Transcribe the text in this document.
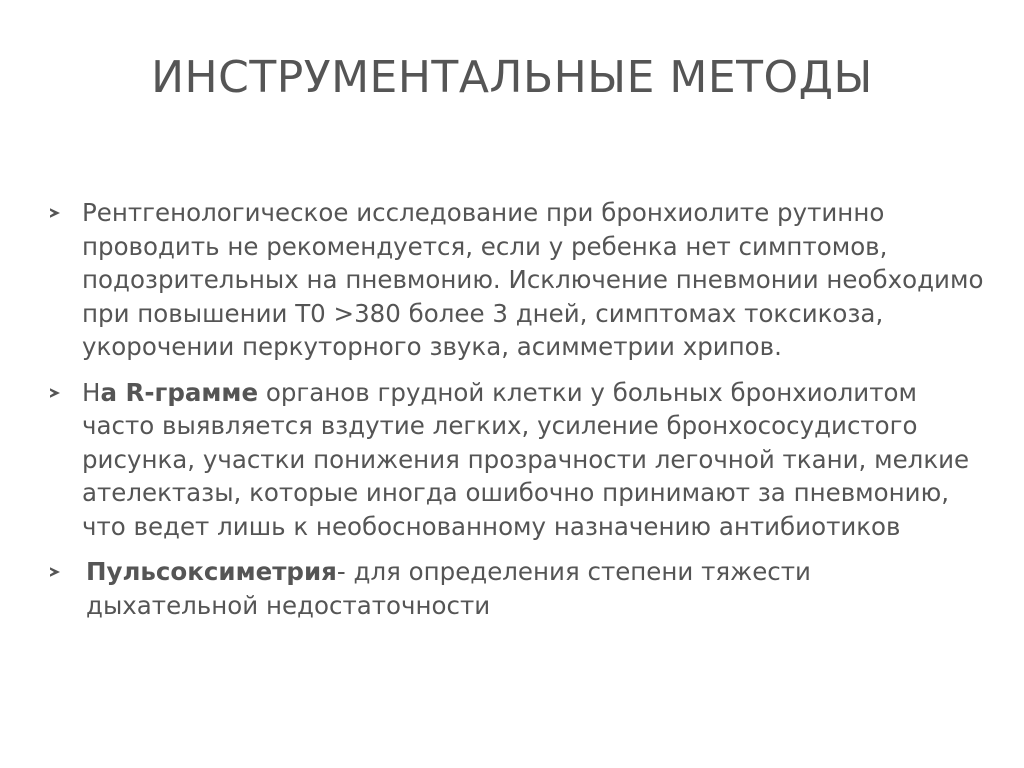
ИНСТРУМЕНТАЛЬНЫЕ МЕТОДЫ
Рентгенологическое исследование при бронхиолите рутинно проводить не рекомендуется, если у ребенка нет симптомов, подозрительных на пневмонию. Исключение пневмонии необходимо при повышении Т0 >380 более 3 дней, симптомах токсикоза, укорочении перкуторного звука, асимметрии хрипов.
На R-грамме органов грудной клетки у больных бронхиолитом часто выявляется вздутие легких, усиление бронхососудистого рисунка, участки понижения прозрачности легочной ткани, мелкие ателектазы, которые иногда ошибочно принимают за пневмонию, что ведет лишь к необоснованному назначению антибиотиков
Пульсоксиметрия- для определения степени тяжести дыхательной недостаточности
